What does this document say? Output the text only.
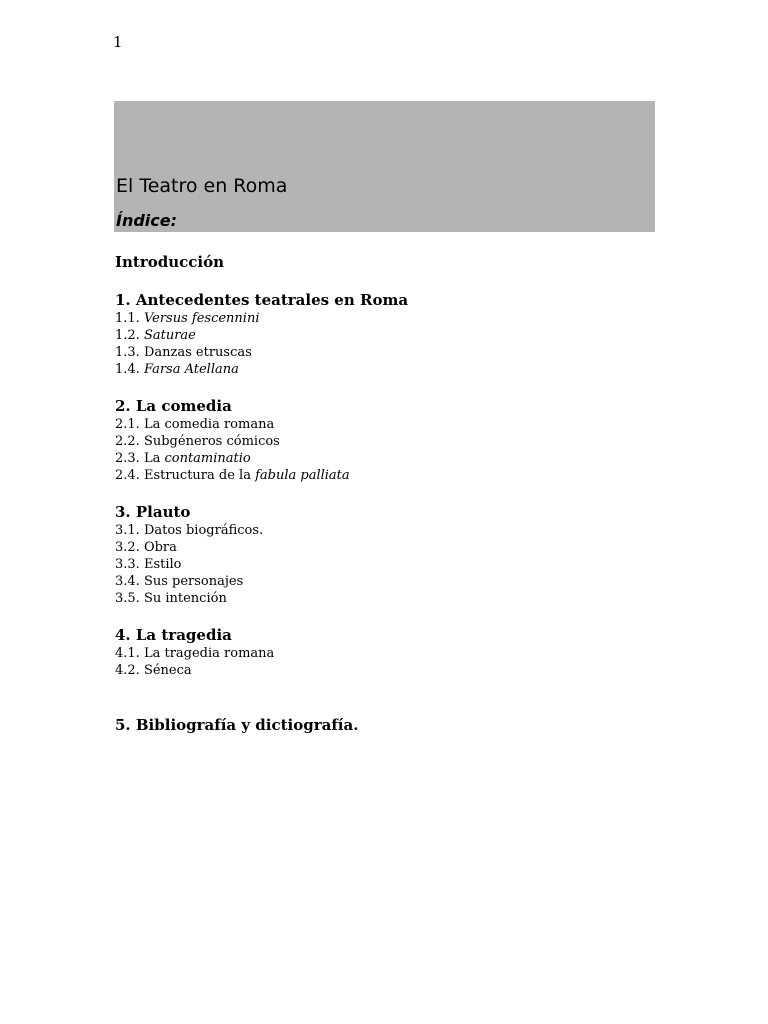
1
El Teatro en Roma
Índice:

Introducción

1. Antecedentes teatrales en Roma

1.1. Versus fescennini

1.2. Saturae

1.3. Danzas etruscas

1.4. Farsa Atellana

2. La comedia

2.1. La comedia romana

2.2. Subgéneros cómicos

2.3. La contaminatio

2.4. Estructura de la fabula palliata

3. Plauto

3.1. Datos biográficos.

3.2. Obra

3.3. Estilo

3.4. Sus personajes

3.5. Su intención

4. La tragedia

4.1. La tragedia romana

4.2. Séneca

5. Bibliografía y dictiografía.
